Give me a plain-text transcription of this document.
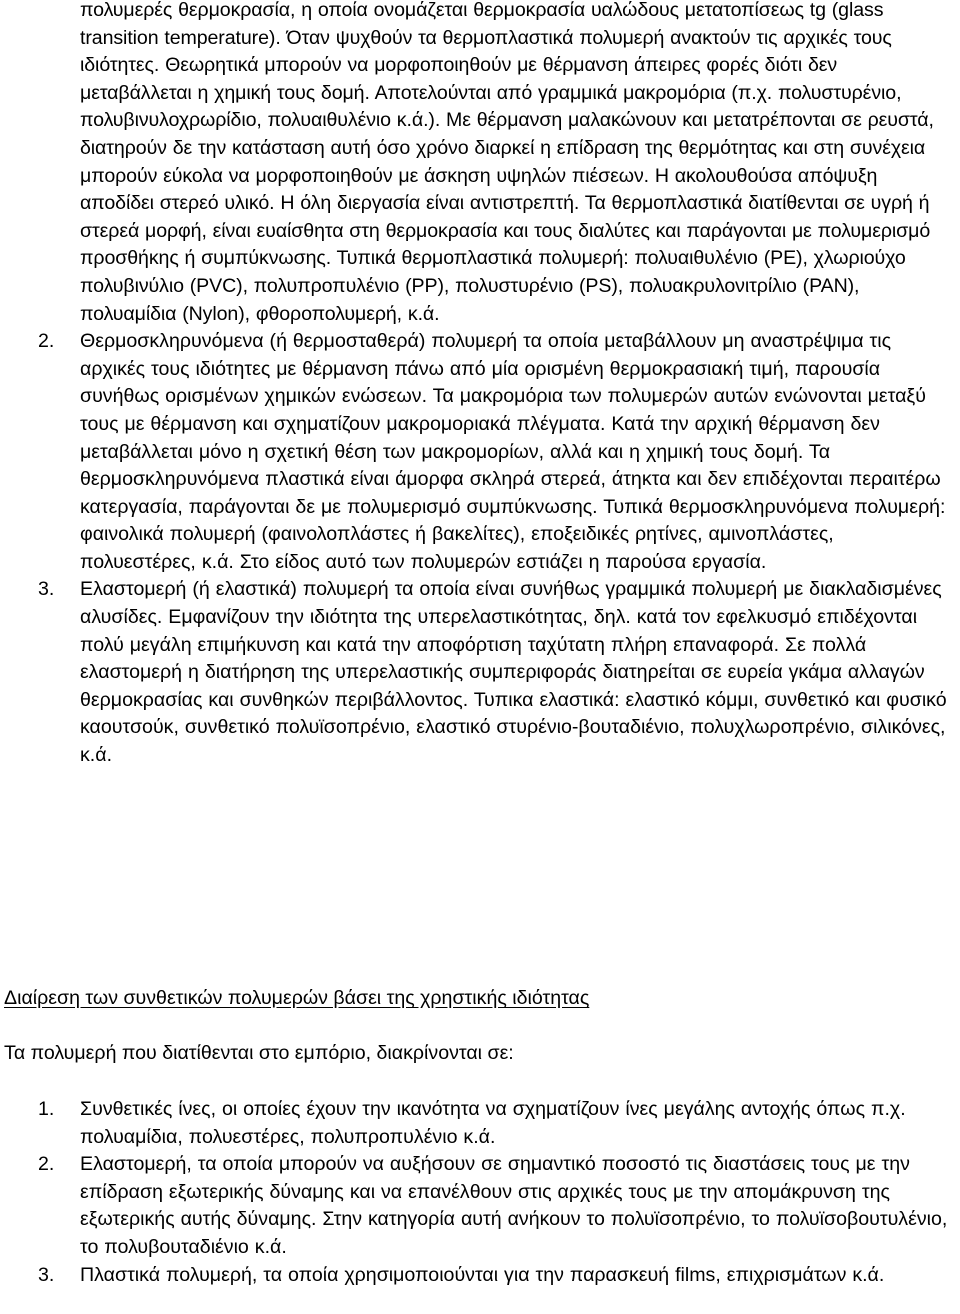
πολυμερές θερμοκρασία, η οποία ονομάζεται θερμοκρασία υαλώδους μετατοπίσεως tg (glass transition temperature). Όταν ψυχθούν τα θερμοπλαστικά πολυμερή ανακτούν τις αρχικές τους ιδιότητες. Θεωρητικά μπορούν να μορφοποιηθούν με θέρμανση άπειρες φορές διότι δεν μεταβάλλεται η χημική τους δομή. Αποτελούνται από γραμμικά μακρομόρια (π.χ. πολυστυρένιο, πολυβινυλοχρωρίδιο, πολυαιθυλένιο κ.ά.). Με θέρμανση μαλακώνουν και μετατρέπονται σε ρευστά, διατηρούν δε την κατάσταση αυτή όσο χρόνο διαρκεί η επίδραση της θερμότητας και στη συνέχεια μπορούν εύκολα να μορφοποιηθούν με άσκηση υψηλών πιέσεων. Η ακολουθούσα απόψυξη αποδίδει στερεό υλικό. Η όλη διεργασία είναι αντιστρεπτή. Τα θερμοπλαστικά διατίθενται σε υγρή ή στερεά μορφή, είναι ευαίσθητα στη θερμοκρασία και τους διαλύτες και παράγονται με πολυμερισμό προσθήκης ή συμπύκνωσης. Τυπικά θερμοπλαστικά πολυμερή: πολυαιθυλένιο (PE), χλωριούχο πολυβινύλιο (PVC), πολυπροπυλένιο (PP), πολυστυρένιο (PS), πολυακρυλονιτρίλιο (PAN), πολυαμίδια (Nylon), φθοροπολυμερή, κ.ά.

2. Θερμοσκληρυνόμενα (ή θερμοσταθερά) πολυμερή τα οποία μεταβάλλουν μη αναστρέψιμα τις αρχικές τους ιδιότητες με θέρμανση πάνω από μία ορισμένη θερμοκρασιακή τιμή, παρουσία συνήθως ορισμένων χημικών ενώσεων. Τα μακρομόρια των πολυμερών αυτών ενώνονται μεταξύ τους με θέρμανση και σχηματίζουν μακρομοριακά πλέγματα. Κατά την αρχική θέρμανση δεν μεταβάλλεται μόνο η σχετική θέση των μακρομορίων, αλλά και η χημική τους δομή. Τα θερμοσκληρυνόμενα πλαστικά είναι άμορφα σκληρά στερεά, άτηκτα και δεν επιδέχονται περαιτέρω κατεργασία, παράγονται δε με πολυμερισμό συμπύκνωσης. Τυπικά θερμοσκληρυνόμενα πολυμερή: φαινολικά πολυμερή (φαινολοπλάστες ή βακελίτες), εποξειδικές ρητίνες, αμινοπλάστες, πολυεστέρες, κ.ά. Στο είδος αυτό των πολυμερών εστιάζει η παρούσα εργασία.

3. Ελαστομερή (ή ελαστικά) πολυμερή τα οποία είναι συνήθως γραμμικά πολυμερή με διακλαδισμένες αλυσίδες. Εμφανίζουν την ιδιότητα της υπερελαστικότητας, δηλ. κατά τον εφελκυσμό επιδέχονται πολύ μεγάλη επιμήκυνση και κατά την αποφόρτιση ταχύτατη πλήρη επαναφορά. Σε πολλά ελαστομερή η διατήρηση της υπερελαστικής συμπεριφοράς διατηρείται σε ευρεία γκάμα αλλαγών θερμοκρασίας και συνθηκών περιβάλλοντος. Τυπικα ελαστικά: ελαστικό κόμμι, συνθετικό και φυσικό καουτσούκ, συνθετικό πολυϊσοπρένιο, ελαστικό στυρένιο-βουταδιένιο, πολυχλωροπρένιο, σιλικόνες, κ.ά.

Διαίρεση των συνθετικών πολυμερών βάσει της χρηστικής ιδιότητας

Τα πολυμερή που διατίθενται στο εμπόριο, διακρίνονται σε:

1. Συνθετικές ίνες, οι οποίες έχουν την ικανότητα να σχηματίζουν ίνες μεγάλης αντοχής όπως π.χ. πολυαμίδια, πολυεστέρες, πολυπροπυλένιο κ.ά.

2. Ελαστομερή, τα οποία μπορούν να αυξήσουν σε σημαντικό ποσοστό τις διαστάσεις τους με την επίδραση εξωτερικής δύναμης και να επανέλθουν στις αρχικές τους με την απομάκρυνση της εξωτερικής αυτής δύναμης. Στην κατηγορία αυτή ανήκουν το πολυϊσοπρένιο, το πολυϊσοβουτυλένιο, το πολυβουταδιένιο κ.ά.

3. Πλαστικά πολυμερή, τα οποία χρησιμοποιούνται για την παρασκευή films, επιχρισμάτων κ.ά.
